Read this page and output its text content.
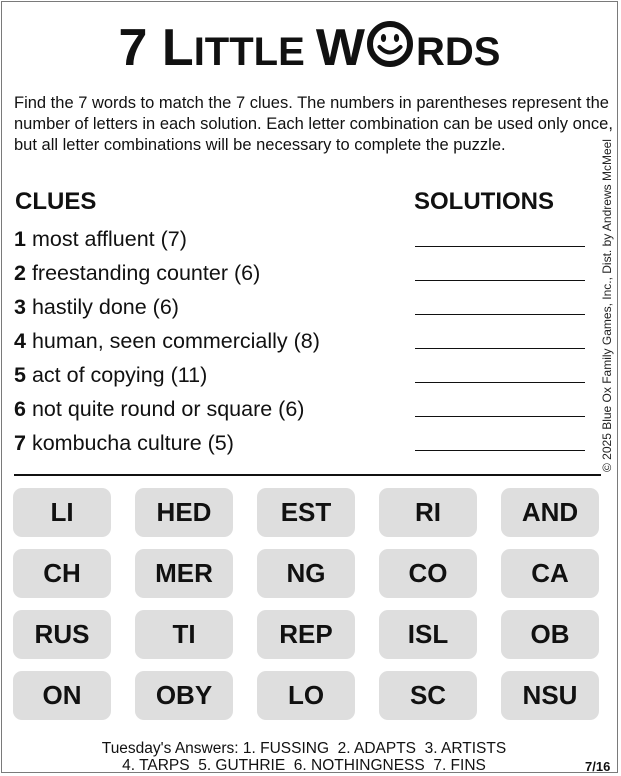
7 LITTLE W RDS
Find the 7 words to match the 7 clues. The numbers in parentheses represent the number of letters in each solution. Each letter combination can be used only once, but all letter combinations will be necessary to complete the puzzle.	© 2025 Blue Ox Family Games, Inc., Dist. by Andrews McMeel
CLUES	SOLUTIONS
1 most affluent (7)
2 freestanding counter (6)
3 hastily done (6)
4 human, seen commercially (8)
5 act of copying (11)
6 not quite round or square (6)
7 kombucha culture (5)
LI	HED	EST	RI	AND
CH	MER	NG	CO	CA
RUS	TI	REP	ISL	OB
ON	OBY	LO	SC	NSU
Tuesday's Answers: 1. FUSSING  2. ADAPTS  3. ARTISTS
4. TARPS  5. GUTHRIE  6. NOTHINGNESS  7. FINS	7/16
